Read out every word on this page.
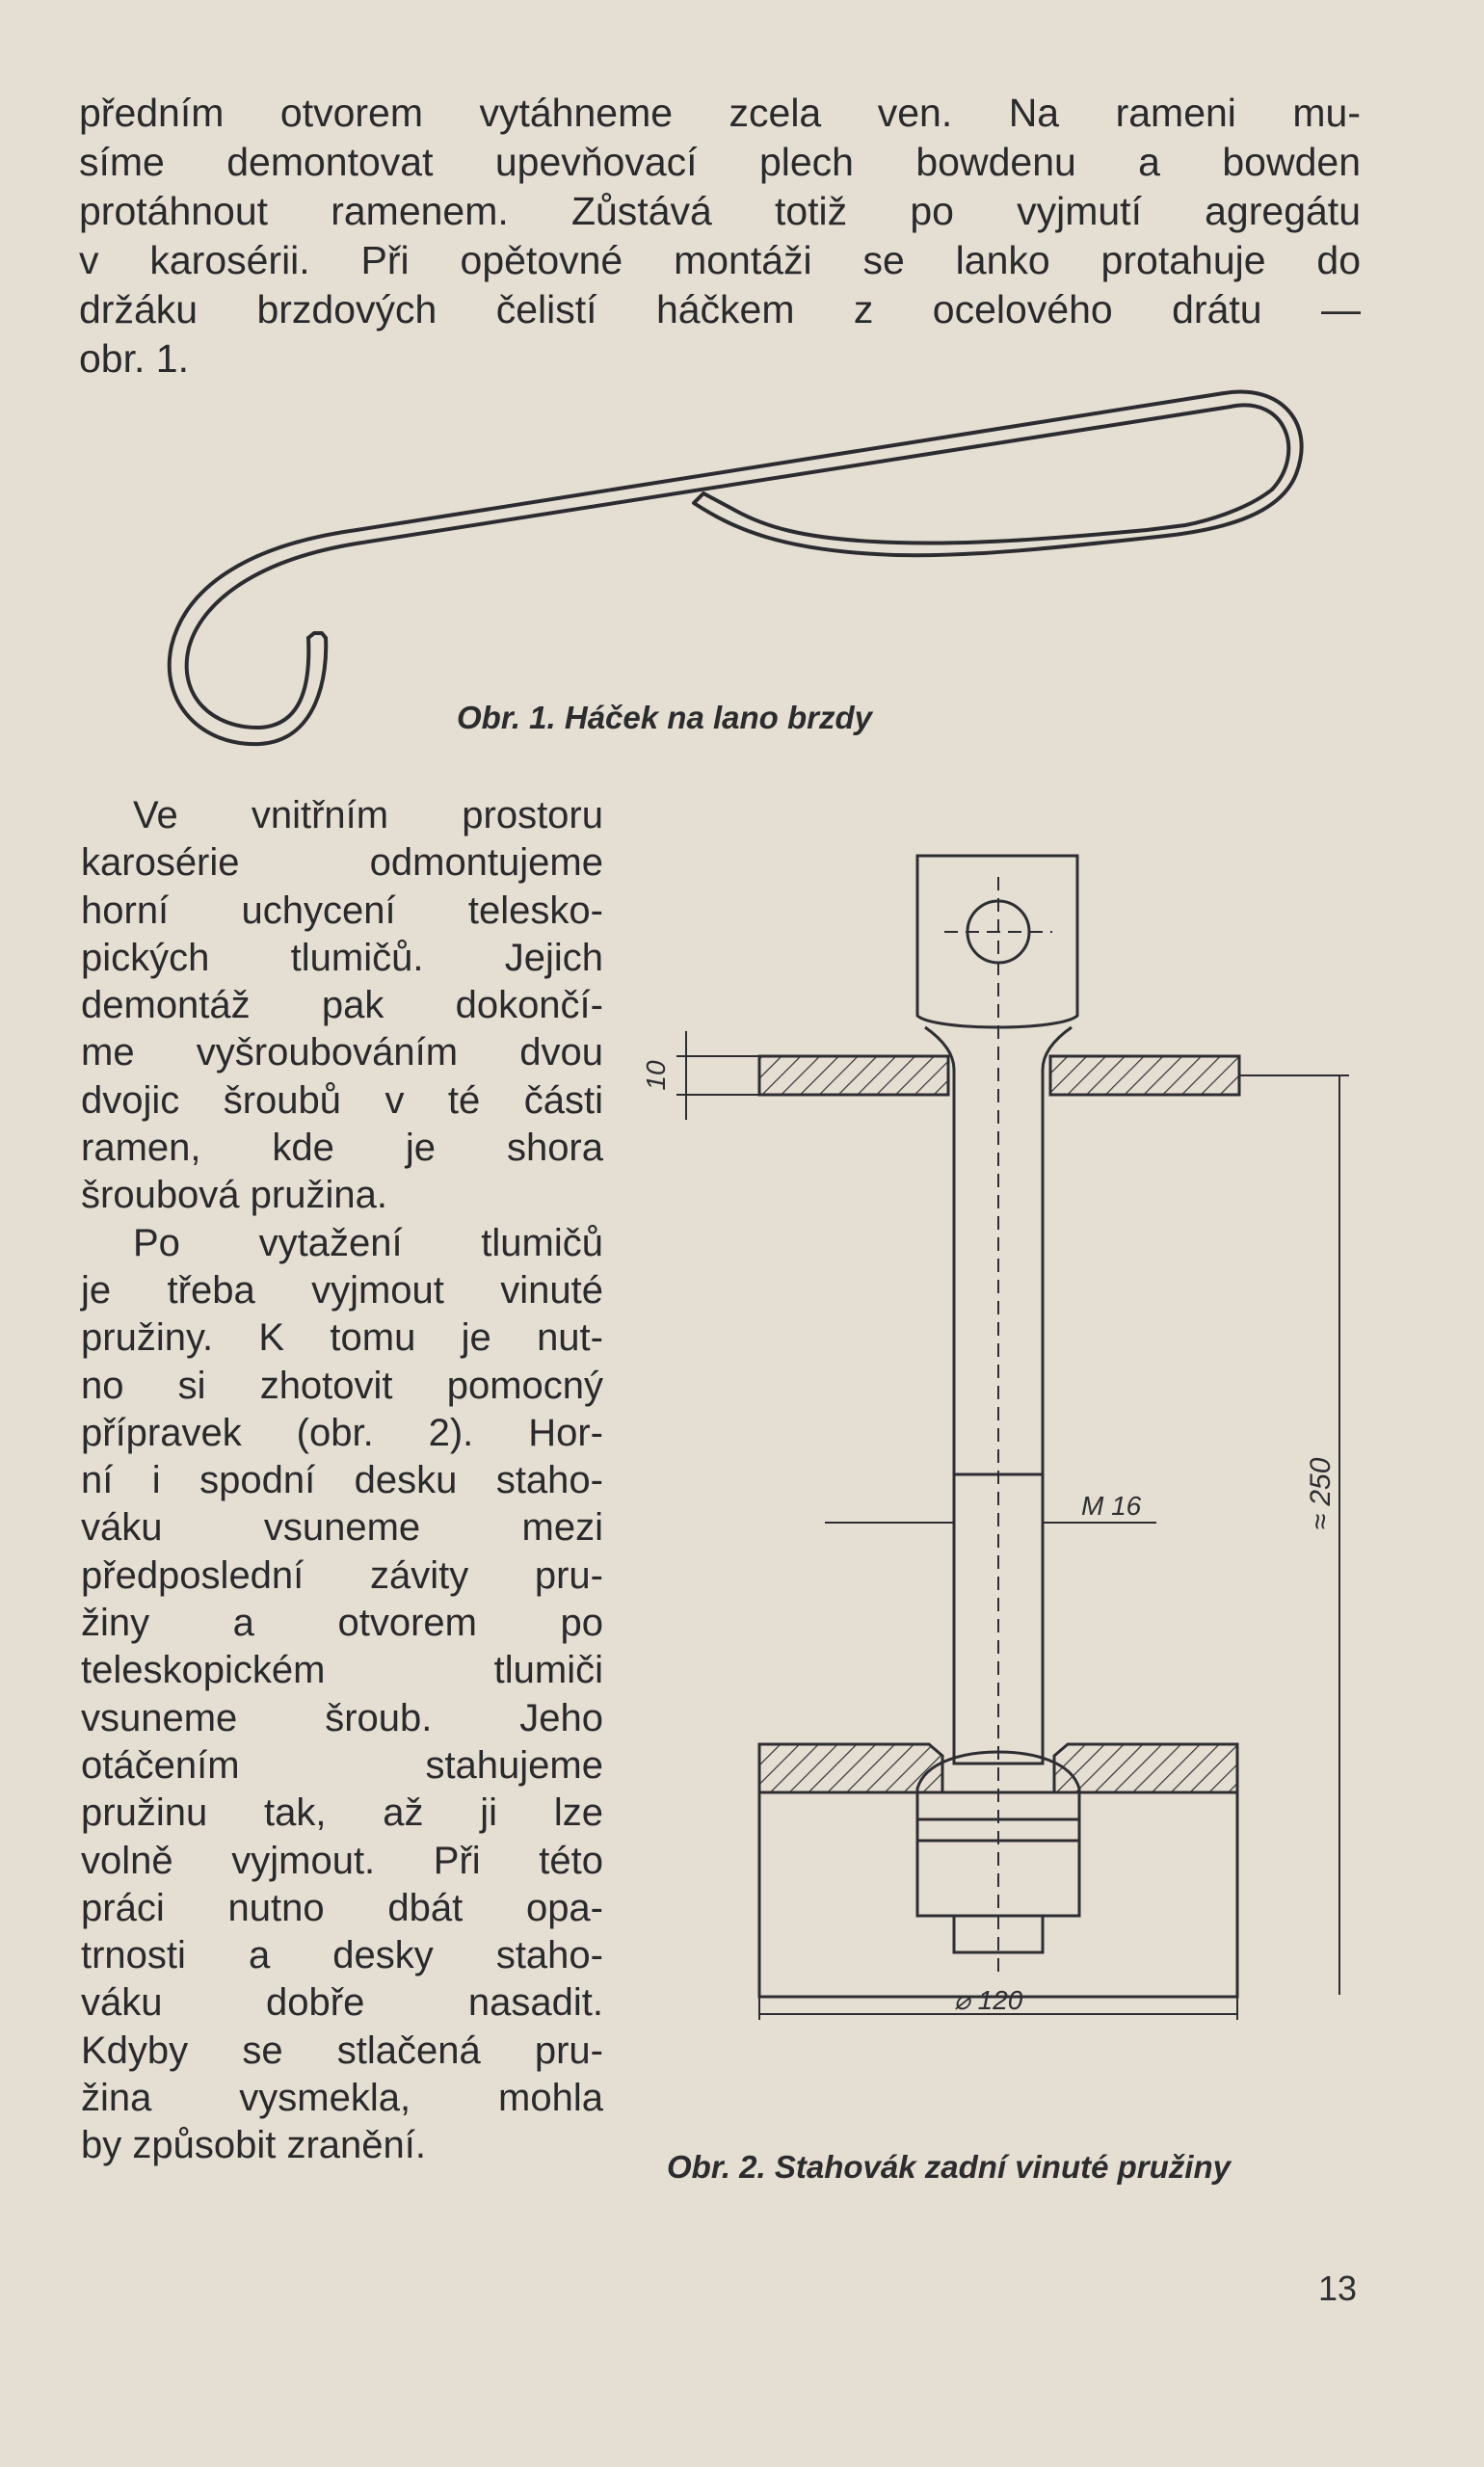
předním otvorem vytáhneme zcela ven. Na rameni mu-
síme demontovat upevňovací plech bowdenu a bowden
protáhnout ramenem. Zůstává totiž po vyjmutí agregátu
v karosérii. Při opětovné montáži se lanko protahuje do
držáku brzdových čelistí háčkem z ocelového drátu —
obr. 1.
Obr. 1. Háček na lano brzdy
Ve vnitřním prostoru
karosérie odmontujeme
horní uchycení telesko-
pických tlumičů. Jejich
demontáž pak dokončí-
me vyšroubováním dvou
dvojic šroubů v té části
ramen, kde je shora
šroubová pružina.
Po vytažení tlumičů
je třeba vyjmout vinuté
pružiny. K tomu je nut-
no si zhotovit pomocný
přípravek (obr. 2). Hor-
ní i spodní desku staho-
váku vsuneme mezi
předposlední závity pru-
žiny a otvorem po
teleskopickém tlumiči
vsuneme šroub. Jeho
otáčením stahujeme
pružinu tak, až ji lze
volně vyjmout. Při této
práci nutno dbát opa-
trnosti a desky staho-
váku dobře nasadit.
Kdyby se stlačená pru-
žina vysmekla, mohla
by způsobit zranění.
10
M 16	≈ 250
⌀ 120
Obr. 2. Stahovák zadní vinuté pružiny
13
